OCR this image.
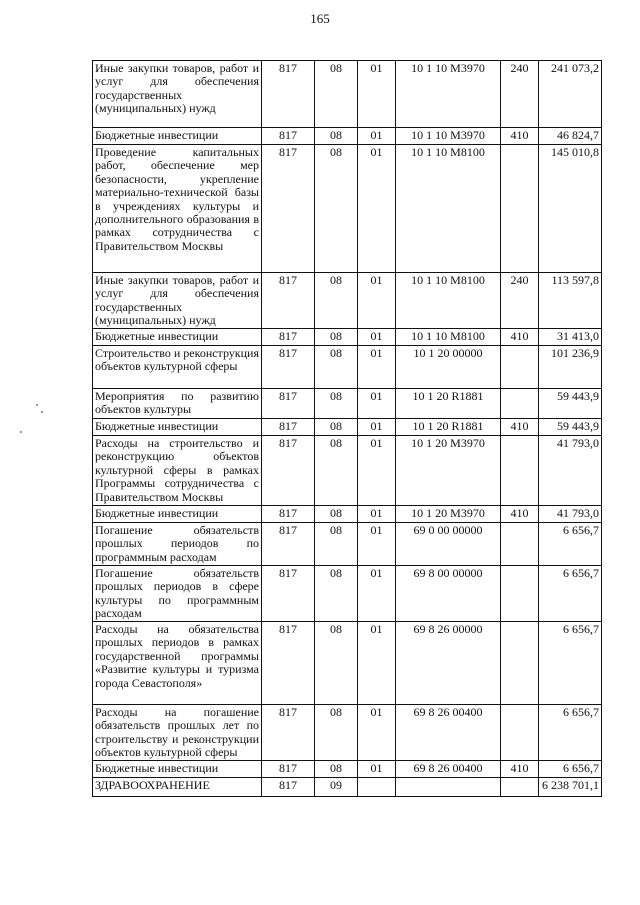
165
Иные закупки товаров, работ и услуг для обеспечения государственных (муниципальных) нужд	817	08	01	10 1 10 М3970	240	241 073,2
Бюджетные инвестиции	817	08	01	10 1 10 М3970	410	46 824,7
Проведение капитальных работ, обеспечение мер безопасности, укрепление материально-технической базы в учреждениях культуры и дополнительного образования в рамках сотрудничества с Правительством Москвы	817	08	01	10 1 10 М8100		145 010,8
Иные закупки товаров, работ и услуг для обеспечения государственных (муниципальных) нужд	817	08	01	10 1 10 М8100	240	113 597,8
Бюджетные инвестиции	817	08	01	10 1 10 М8100	410	31 413,0
Строительство и реконструкция объектов культурной сферы	817	08	01	10 1 20 00000		101 236,9
Мероприятия по развитию объектов культуры	817	08	01	10 1 20 R1881		59 443,9
Бюджетные инвестиции	817	08	01	10 1 20 R1881	410	59 443,9
Расходы на строительство и реконструкцию объектов культурной сферы в рамках Программы сотрудничества с Правительством Москвы	817	08	01	10 1 20 М3970		41 793,0
Бюджетные инвестиции	817	08	01	10 1 20 М3970	410	41 793,0
Погашение обязательств прошлых периодов по программным расходам	817	08	01	69 0 00 00000		6 656,7
Погашение обязательств прошлых периодов в сфере культуры по программным расходам	817	08	01	69 8 00 00000		6 656,7
Расходы на обязательства прошлых периодов в рамках государственной программы «Развитие культуры и туризма города Севастополя»	817	08	01	69 8 26 00000		6 656,7
Расходы на погашение обязательств прошлых лет по строительству и реконструкции объектов культурной сферы	817	08	01	69 8 26 00400		6 656,7
Бюджетные инвестиции	817	08	01	69 8 26 00400	410	6 656,7
ЗДРАВООХРАНЕНИЕ	817	09				6 238 701,1
